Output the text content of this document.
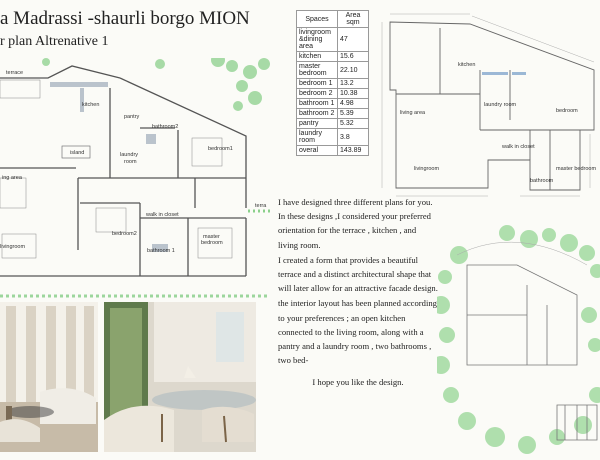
a Madrassi -shaurli borgo MION
r plan Altrenative 1
terrace
kitchen
pantry
bathroom2
island	laundry
room
bedroom1
ing area
walk in closet
bedroom2	master
bedroom
bathroom 1
livingroom
terra
Spaces	Area sqm
livingroom &dining area	47
kitchen	15.6
master bedroom	22.10
bedroom 1	13.2
bedroom 2	10.38
bathroom 1	4.98
bathroom 2	5.39
pantry	5.32
laundry room	3.8
overal	143.89
kitchen
living area
laundry room
walk in closet
bedroom
livingroom	master bedroom
bathroom

I have designed three different plans for you. In these designs ,I considered your preferred orientation for the terrace , kitchen , and living room.

I created a form that provides a beautiful terrace and a distinct architectural shape that will later allow for an attractive facade design.

the interior layout has been planned according to your preferences ; an open kitchen connected to the living room, along with a pantry and a laundry room , two bathrooms , two bed-

I hope you like the design.
